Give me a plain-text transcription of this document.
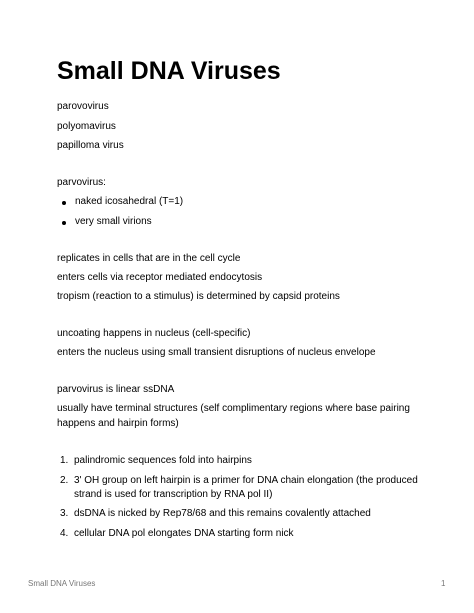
Small DNA Viruses
parovovirus
polyomavirus
papilloma virus
parvovirus:
naked icosahedral (T=1)
very small virions
replicates in cells that are in the cell cycle
enters cells via receptor mediated endocytosis
tropism (reaction to a stimulus) is determined by capsid proteins
uncoating happens in nucleus (cell-specific)
enters the nucleus using small transient disruptions of nucleus envelope
parvovirus is linear ssDNA
usually have terminal structures (self complimentary regions where base pairing
happens and hairpin forms)
1. palindromic sequences fold into hairpins
2. 3' OH group on left hairpin is a primer for DNA chain elongation (the produced
strand is used for transcription by RNA pol II)
3. dsDNA is nicked by Rep78/68 and this remains covalently attached
4. cellular DNA pol elongates DNA starting form nick
Small DNA Viruses	1
